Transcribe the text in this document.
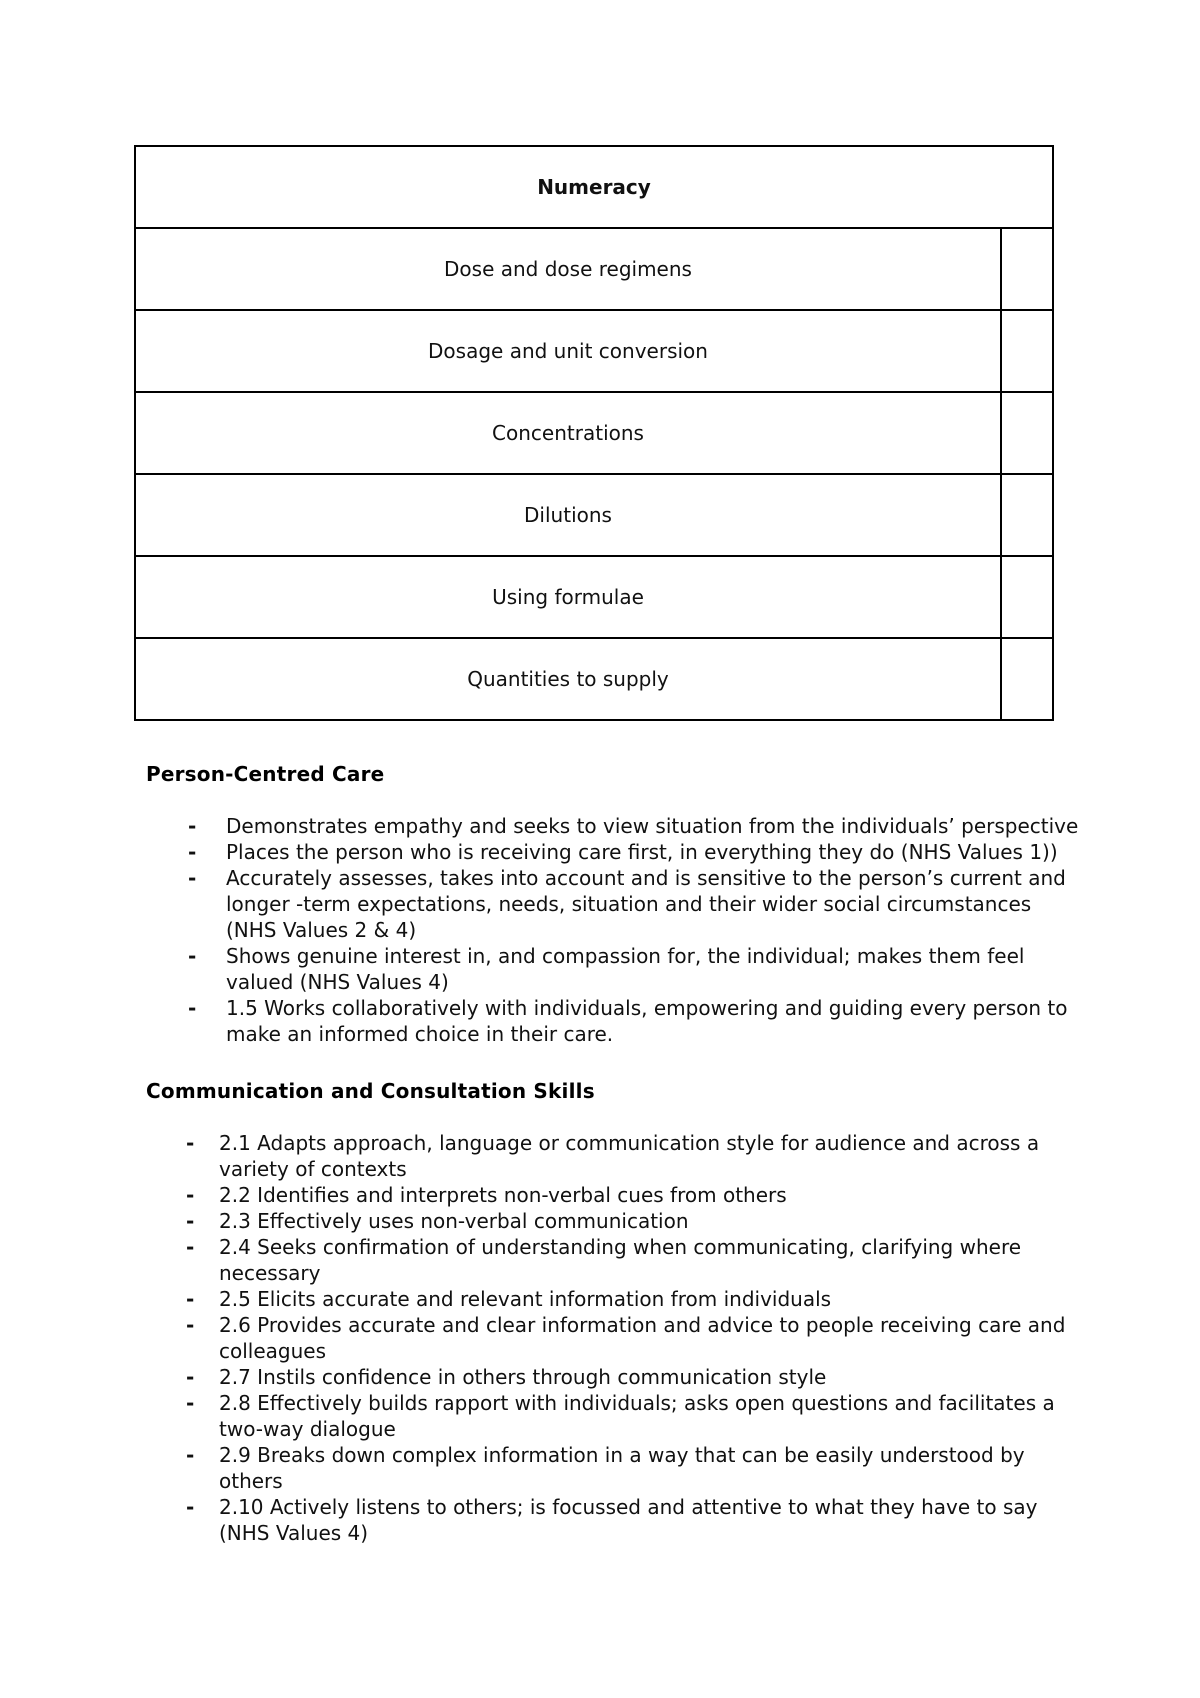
Numeracy	
Dose and dose regimens	
Dosage and unit conversion	
Concentrations	
Dilutions	
Using formulae	
Quantities to supply	
Person-Centred Care
- Demonstrates empathy and seeks to view situation from the individuals’ perspective
- Places the person who is receiving care first, in everything they do (NHS Values 1))
- Accurately assesses, takes into account and is sensitive to the person’s current and longer -term expectations, needs, situation and their wider social circumstances (NHS Values 2 & 4)
- Shows genuine interest in, and compassion for, the individual; makes them feel valued (NHS Values 4)
- 1.5 Works collaboratively with individuals, empowering and guiding every person to make an informed choice in their care.
Communication and Consultation Skills
- 2.1 Adapts approach, language or communication style for audience and across a variety of contexts
- 2.2 Identifies and interprets non-verbal cues from others
- 2.3 Effectively uses non-verbal communication
- 2.4 Seeks confirmation of understanding when communicating, clarifying where necessary
- 2.5 Elicits accurate and relevant information from individuals
- 2.6 Provides accurate and clear information and advice to people receiving care and colleagues
- 2.7 Instils confidence in others through communication style
- 2.8 Effectively builds rapport with individuals; asks open questions and facilitates a two-way dialogue
- 2.9 Breaks down complex information in a way that can be easily understood by others
- 2.10 Actively listens to others; is focussed and attentive to what they have to say (NHS Values 4)
